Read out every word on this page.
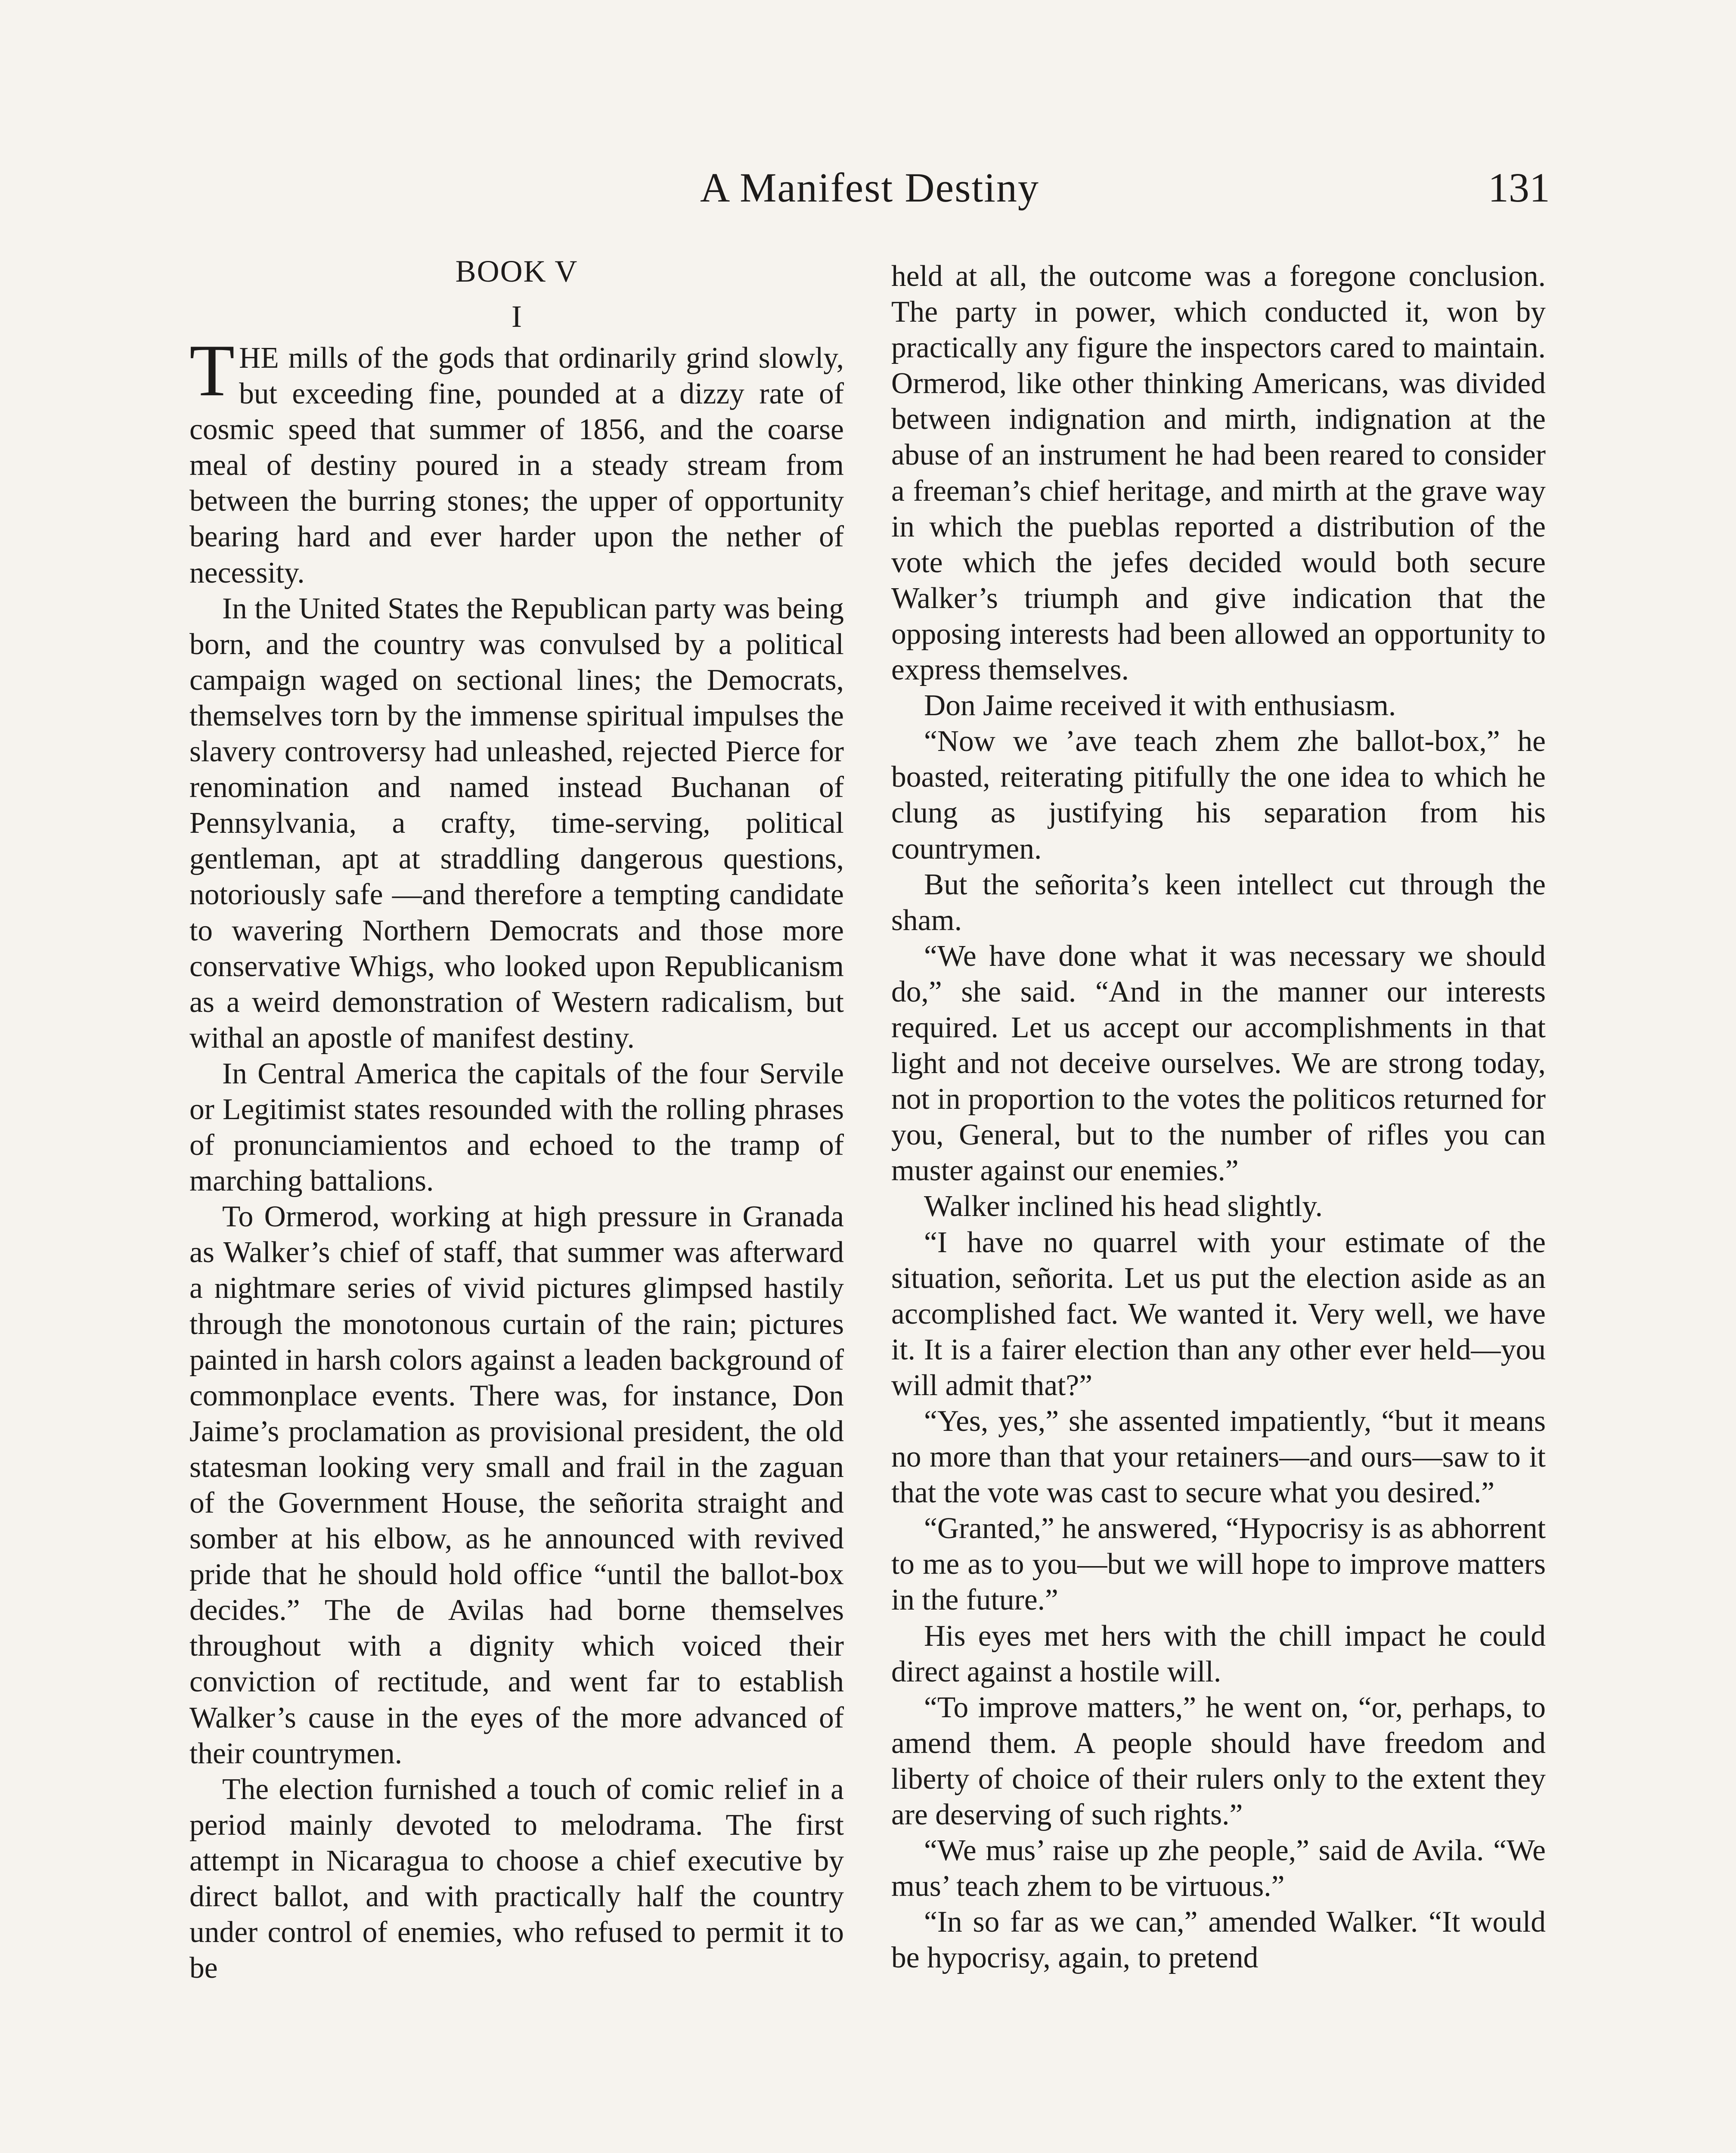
A Manifest Destiny	131
BOOK V
I

THE mills of the gods that ordinarily grind slowly, but exceeding fine, pounded at a dizzy rate of cosmic speed that summer of 1856, and the coarse meal of destiny poured in a steady stream from between the burring stones; the upper of opportunity bearing hard and ever harder upon the nether of necessity.

In the United States the Republican party was being born, and the country was convulsed by a political campaign waged on sectional lines; the Democrats, themselves torn by the immense spiritual impulses the slavery controversy had unleashed, rejected Pierce for renomination and named instead Buchanan of Pennsylvania, a crafty, time-serving, political gentleman, apt at straddling dangerous questions, notoriously safe —and therefore a tempting candidate to wavering Northern Democrats and those more conservative Whigs, who looked upon Republicanism as a weird demonstration of Western radicalism, but withal an apostle of manifest destiny.

In Central America the capitals of the four Servile or Legitimist states resounded with the rolling phrases of pronunciamientos and echoed to the tramp of marching battalions.

To Ormerod, working at high pressure in Granada as Walker’s chief of staff, that summer was afterward a nightmare series of vivid pictures glimpsed hastily through the monotonous curtain of the rain; pictures painted in harsh colors against a leaden background of commonplace events. There was, for instance, Don Jaime’s proclamation as provisional president, the old statesman looking very small and frail in the zaguan of the Government House, the señorita straight and somber at his elbow, as he announced with revived pride that he should hold office “until the ballot-box decides.” The de Avilas had borne themselves throughout with a dignity which voiced their conviction of rectitude, and went far to establish Walker’s cause in the eyes of the more advanced of their countrymen.

The election furnished a touch of comic relief in a period mainly devoted to melodrama. The first attempt in Nicaragua to choose a chief executive by direct ballot, and with practically half the country under control of enemies, who refused to permit it to be

held at all, the outcome was a foregone conclusion. The party in power, which conducted it, won by practically any figure the inspectors cared to maintain. Ormerod, like other thinking Americans, was divided between indignation and mirth, indignation at the abuse of an instrument he had been reared to consider a freeman’s chief heritage, and mirth at the grave way in which the pueblas reported a distribution of the vote which the jefes decided would both secure Walker’s triumph and give indication that the opposing interests had been allowed an opportunity to express themselves.

Don Jaime received it with enthusiasm.

“Now we ’ave teach zhem zhe ballot-box,” he boasted, reiterating pitifully the one idea to which he clung as justifying his separation from his countrymen.

But the señorita’s keen intellect cut through the sham.

“We have done what it was necessary we should do,” she said. “And in the manner our interests required. Let us accept our accomplishments in that light and not deceive ourselves. We are strong today, not in proportion to the votes the politicos returned for you, General, but to the number of rifles you can muster against our enemies.”

Walker inclined his head slightly.

“I have no quarrel with your estimate of the situation, señorita. Let us put the election aside as an accomplished fact. We wanted it. Very well, we have it. It is a fairer election than any other ever held—you will admit that?”

“Yes, yes,” she assented impatiently, “but it means no more than that your retainers—and ours—saw to it that the vote was cast to secure what you desired.”

“Granted,” he answered, “Hypocrisy is as abhorrent to me as to you—but we will hope to improve matters in the future.”

His eyes met hers with the chill impact he could direct against a hostile will.

“To improve matters,” he went on, “or, perhaps, to amend them. A people should have freedom and liberty of choice of their rulers only to the extent they are deserving of such rights.”

“We mus’ raise up zhe people,” said de Avila. “We mus’ teach zhem to be virtuous.”

“In so far as we can,” amended Walker. “It would be hypocrisy, again, to pretend
